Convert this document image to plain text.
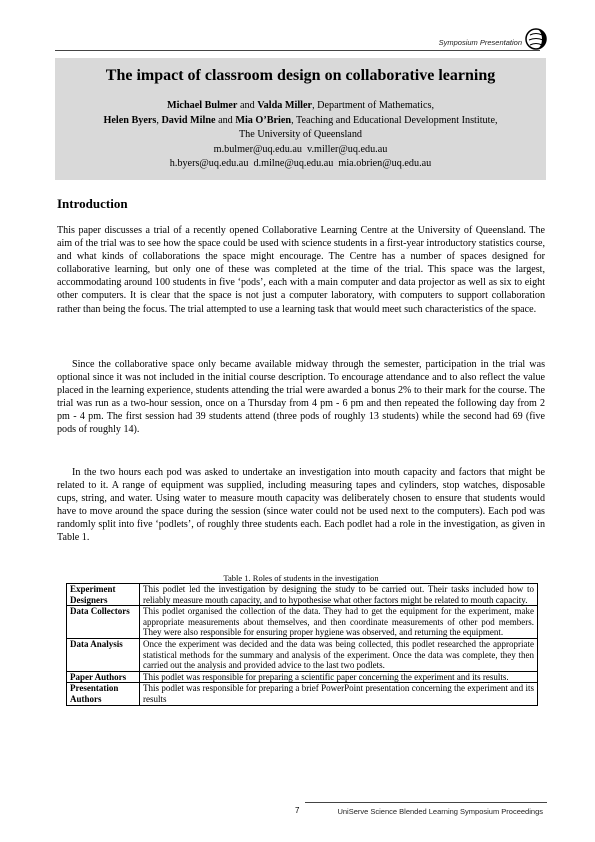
Symposium Presentation
The impact of classroom design on collaborative learning
Michael Bulmer and Valda Miller, Department of Mathematics,
Helen Byers, David Milne and Mia O’Brien, Teaching and Educational Development Institute,
The University of Queensland
m.bulmer@uq.edu.au  v.miller@uq.edu.au
h.byers@uq.edu.au  d.milne@uq.edu.au  mia.obrien@uq.edu.au
Introduction
This paper discusses a trial of a recently opened Collaborative Learning Centre at the University of Queensland. The aim of the trial was to see how the space could be used with science students in a first-year introductory statistics course, and what kinds of collaborations the space might encourage. The Centre has a number of spaces designed for collaborative learning, but only one of these was completed at the time of the trial. This space was the largest, accommodating around 100 students in five ‘pods’, each with a main computer and data projector as well as six to eight other computers. It is clear that the space is not just a computer laboratory, with computers to support collaboration rather than being the focus. The trial attempted to use a learning task that would meet such characteristics of the space.
Since the collaborative space only became available midway through the semester, participation in the trial was optional since it was not included in the initial course description. To encourage attendance and to also reflect the value placed in the learning experience, students attending the trial were awarded a bonus 2% to their mark for the course. The trial was run as a two-hour session, once on a Thursday from 4 pm - 6 pm and then repeated the following day from 2 pm - 4 pm. The first session had 39 students attend (three pods of roughly 13 students) while the second had 69 (five pods of roughly 14).
In the two hours each pod was asked to undertake an investigation into mouth capacity and factors that might be related to it. A range of equipment was supplied, including measuring tapes and cylinders, stop watches, disposable cups, string, and water. Using water to measure mouth capacity was deliberately chosen to ensure that students would have to move around the space during the session (since water could not be used next to the computers). Each pod was randomly split into five ‘podlets’, of roughly three students each. Each podlet had a role in the investigation, as given in Table 1.
Table 1. Roles of students in the investigation
Experiment Designers	This podlet led the investigation by designing the study to be carried out. Their tasks included how to reliably measure mouth capacity, and to hypothesise what other factors might be related to mouth capacity.
Data Collectors	This podlet organised the collection of the data. They had to get the equipment for the experiment, make appropriate measurements about themselves, and then coordinate measurements of other pod members. They were also responsible for ensuring proper hygiene was observed, and returning the equipment.
Data Analysis	Once the experiment was decided and the data was being collected, this podlet researched the appropriate statistical methods for the summary and analysis of the experiment. Once the data was complete, they then carried out the analysis and provided advice to the last two podlets.
Paper Authors	This podlet was responsible for preparing a scientific paper concerning the experiment and its results.
Presentation Authors	This podlet was responsible for preparing a brief PowerPoint presentation concerning the experiment and its results
7	UniServe Science Blended Learning Symposium Proceedings
